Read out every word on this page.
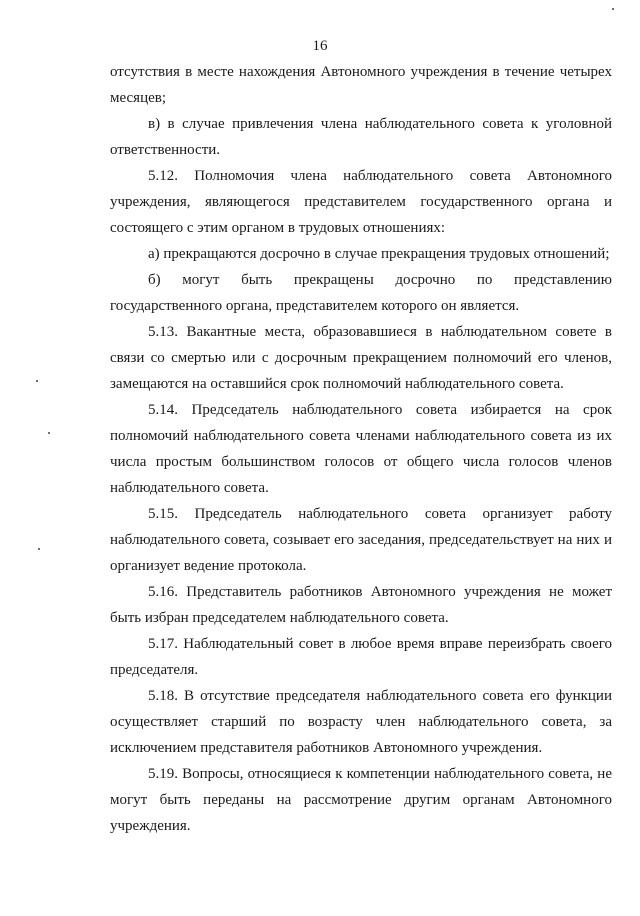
16

отсутствия в месте нахождения Автономного учреждения в течение четырех месяцев;

в) в случае привлечения члена наблюдательного совета к уголовной ответственности.

5.12. Полномочия члена наблюдательного совета Автономного учреждения, являющегося представителем государственного органа и состоящего с этим органом в трудовых отношениях:

а) прекращаются досрочно в случае прекращения трудовых отношений;

б) могут быть прекращены досрочно по представлению государственного органа, представителем которого он является.

5.13. Вакантные места, образовавшиеся в наблюдательном совете в связи со смертью или с досрочным прекращением полномочий его членов, замещаются на оставшийся срок полномочий наблюдательного совета.

5.14. Председатель наблюдательного совета избирается на срок полномочий наблюдательного совета членами наблюдательного совета из их числа простым большинством голосов от общего числа голосов членов наблюдательного совета.

5.15. Председатель наблюдательного совета организует работу наблюдательного совета, созывает его заседания, председательствует на них и организует ведение протокола.

5.16. Представитель работников Автономного учреждения не может быть избран председателем наблюдательного совета.

5.17. Наблюдательный совет в любое время вправе переизбрать своего председателя.

5.18. В отсутствие председателя наблюдательного совета его функции осуществляет старший по возрасту член наблюдательного совета, за исключением представителя работников Автономного учреждения.

5.19. Вопросы, относящиеся к компетенции наблюдательного совета, не могут быть переданы на рассмотрение другим органам Автономного учреждения.
